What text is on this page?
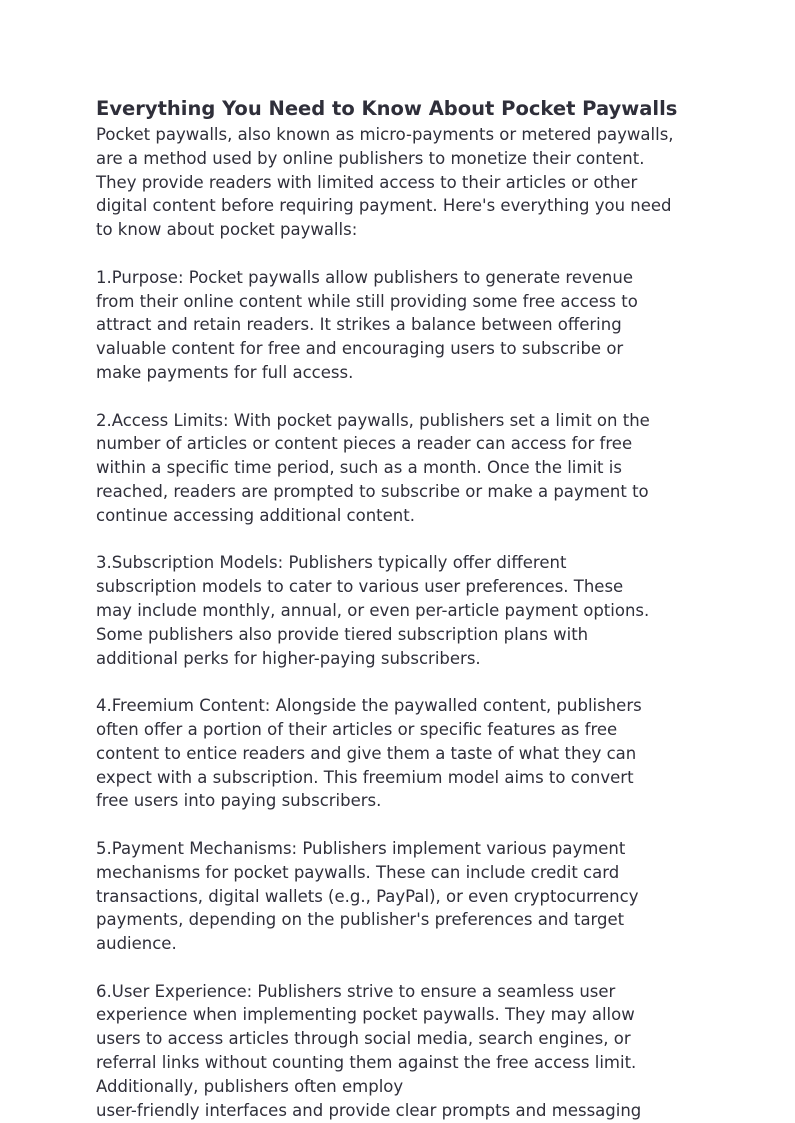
Everything You Need to Know About Pocket Paywalls

Pocket paywalls, also known as micro-payments or metered paywalls,
are a method used by online publishers to monetize their content.
They provide readers with limited access to their articles or other
digital content before requiring payment. Here's everything you need
to know about pocket paywalls:

1.Purpose: Pocket paywalls allow publishers to generate revenue
from their online content while still providing some free access to
attract and retain readers. It strikes a balance between offering
valuable content for free and encouraging users to subscribe or
make payments for full access.

2.Access Limits: With pocket paywalls, publishers set a limit on the
number of articles or content pieces a reader can access for free
within a specific time period, such as a month. Once the limit is
reached, readers are prompted to subscribe or make a payment to
continue accessing additional content.

3.Subscription Models: Publishers typically offer different
subscription models to cater to various user preferences. These
may include monthly, annual, or even per-article payment options.
Some publishers also provide tiered subscription plans with
additional perks for higher-paying subscribers.

4.Freemium Content: Alongside the paywalled content, publishers
often offer a portion of their articles or specific features as free
content to entice readers and give them a taste of what they can
expect with a subscription. This freemium model aims to convert
free users into paying subscribers.

5.Payment Mechanisms: Publishers implement various payment
mechanisms for pocket paywalls. These can include credit card
transactions, digital wallets (e.g., PayPal), or even cryptocurrency
payments, depending on the publisher's preferences and target
audience.

6.User Experience: Publishers strive to ensure a seamless user
experience when implementing pocket paywalls. They may allow
users to access articles through social media, search engines, or
referral links without counting them against the free access limit.
Additionally, publishers often employ
user-friendly interfaces and provide clear prompts and messaging
